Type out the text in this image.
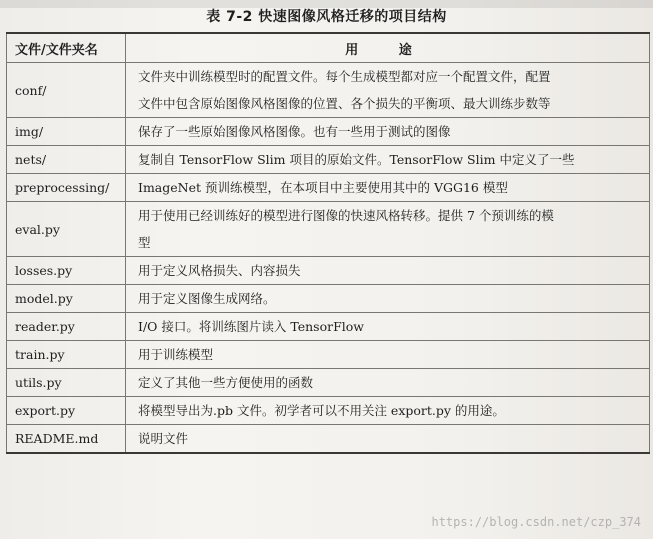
表 7-2 快速图像风格迁移的项目结构
文件/文件夹名	用 途
conf/	文件夹中训练模型时的配置文件。每个生成模型都对应一个配置文件，配置
文件中包含原始图像风格图像的位置、各个损失的平衡项、最大训练步数等

img/	保存了一些原始图像风格图像。也有一些用于测试的图像

nets/	复制自 TensorFlow Slim 项目的原始文件。TensorFlow Slim 中定义了一些

preprocessing/	ImageNet 预训练模型，在本项目中主要使用其中的 VGG16 模型

eval.py	用于使用已经训练好的模型进行图像的快速风格转移。提供 7 个预训练的模
型

losses.py	用于定义风格损失、内容损失

model.py	用于定义图像生成网络。

reader.py	I/O 接口。将训练图片读入 TensorFlow

train.py	用于训练模型

utils.py	定义了其他一些方便使用的函数

export.py	将模型导出为.pb 文件。初学者可以不用关注 export.py 的用途。

README.md	说明文件
https://blog.csdn.net/czp_374
